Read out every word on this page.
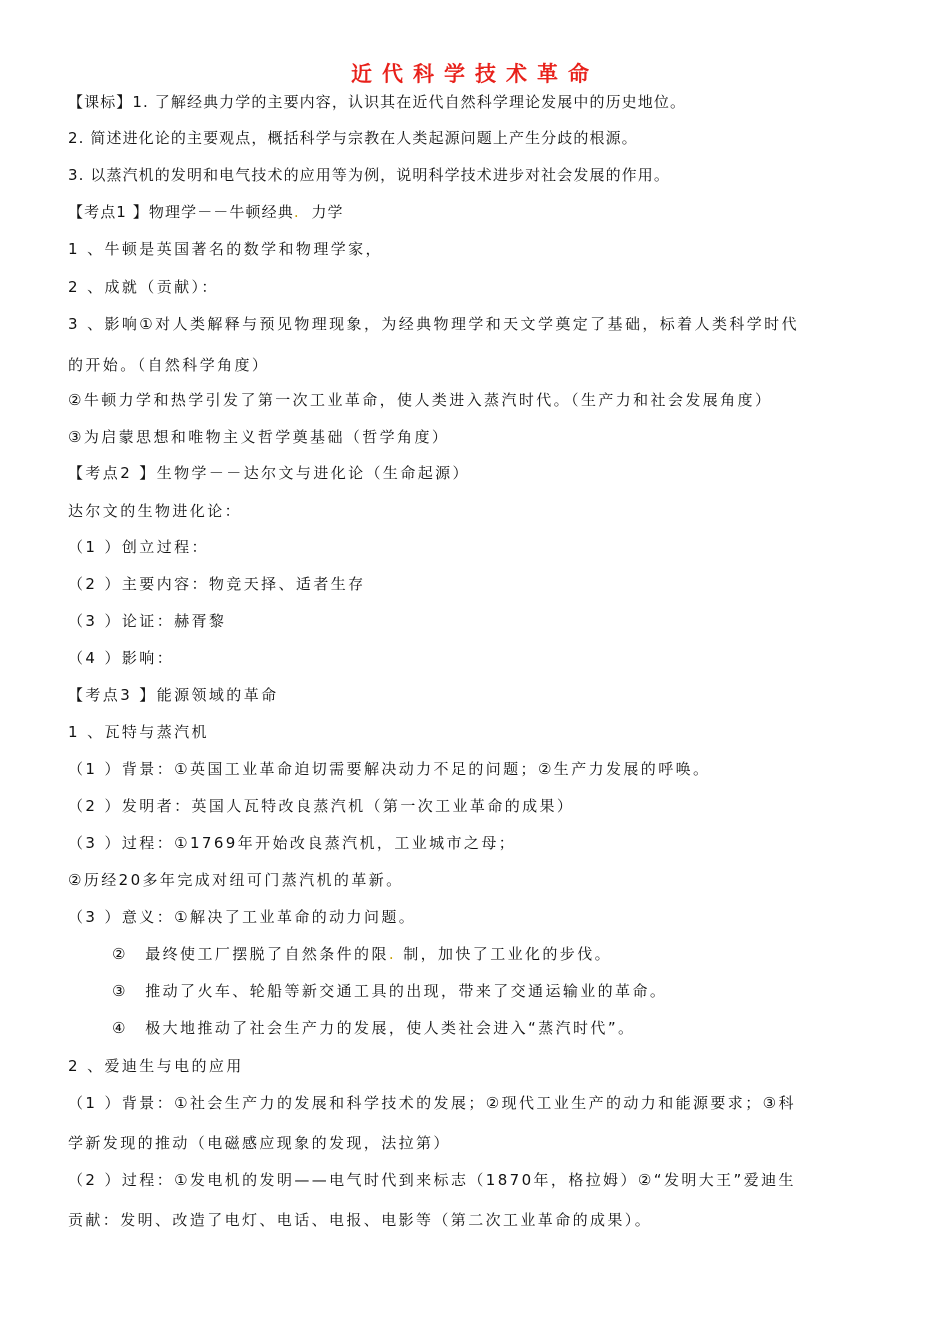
近代科学技术革命
【课标】1. 了解经典力学的主要内容，认识其在近代自然科学理论发展中的历史地位。
2. 简述进化论的主要观点，概括科学与宗教在人类起源问题上产生分歧的根源。
3. 以蒸汽机的发明和电气技术的应用等为例，说明科学技术进步对社会发展的作用。
【考点1 】物理学－－牛顿经典. 力学
1 、牛顿是英国著名的数学和物理学家，
2 、成就（贡献）：
3 、影响①对人类解释与预见物理现象，为经典物理学和天文学奠定了基础，标着人类科学时代
的开始。（自然科学角度）
②牛顿力学和热学引发了第一次工业革命，使人类进入蒸汽时代。（生产力和社会发展角度）
③为启蒙思想和唯物主义哲学奠基础（哲学角度）
【考点2 】生物学－－达尔文与进化论（生命起源）
达尔文的生物进化论：
（1 ）创立过程：
（2 ）主要内容：物竞天择、适者生存
（3 ）论证：赫胥黎
（4 ）影响：
【考点3 】能源领域的革命
1 、瓦特与蒸汽机
（1 ）背景：①英国工业革命迫切需要解决动力不足的问题；②生产力发展的呼唤。
（2 ）发明者：英国人瓦特改良蒸汽机（第一次工业革命的成果）
（3 ）过程：①1769年开始改良蒸汽机，工业城市之母；
②历经20多年完成对纽可门蒸汽机的革新。
（3 ）意义：①解决了工业革命的动力问题。
②　最终使工厂摆脱了自然条件的限. 制，加快了工业化的步伐。
③　推动了火车、轮船等新交通工具的出现，带来了交通运输业的革命。
④　极大地推动了社会生产力的发展，使人类社会进入“蒸汽时代”。
2 、爱迪生与电的应用
（1 ）背景：①社会生产力的发展和科学技术的发展；②现代工业生产的动力和能源要求；③科
学新发现的推动（电磁感应现象的发现，法拉第）
（2 ）过程：①发电机的发明——电气时代到来标志（1870年，格拉姆）②“发明大王”爱迪生
贡献：发明、改造了电灯、电话、电报、电影等（第二次工业革命的成果）。
